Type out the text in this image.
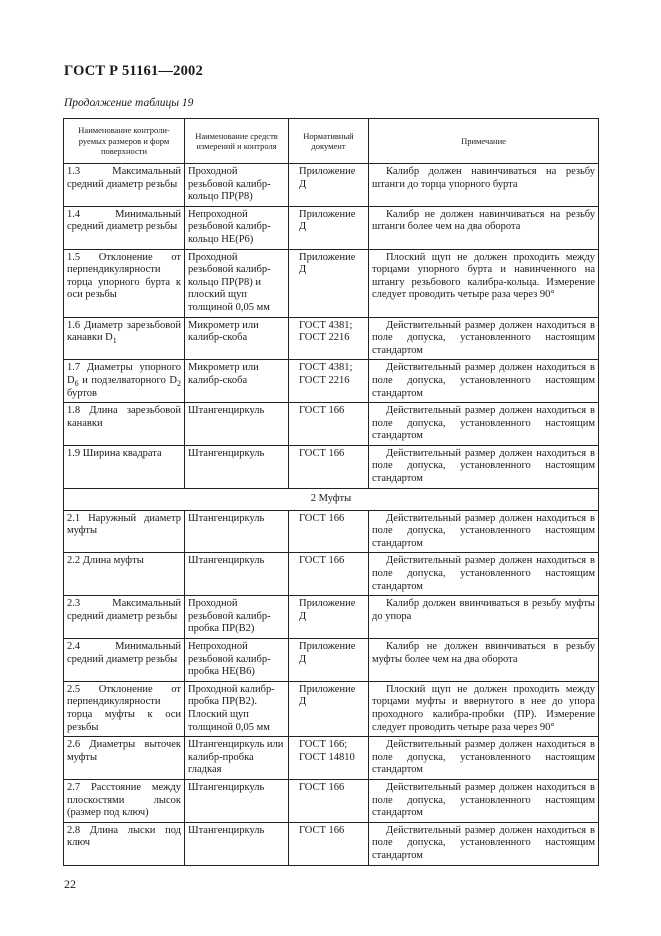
ГОСТ Р 51161—2002
Продолжение таблицы 19
Наименование контроли-руемых размеров и форм поверхности	Наименование средств измерений и контроля	Нормативный документ	Примечание
1.3 Максимальный средний диаметр резьбы	Проходной резьбовой калибр-кольцо ПР(Р8)	Приложение Д	Калибр должен навинчиваться на резьбу штанги до торца упорного бурта
1.4 Минимальный средний диаметр резьбы	Непроходной резьбовой калибр-кольцо НЕ(Р6)	Приложение Д	Калибр не должен навинчиваться на резьбу штанги более чем на два оборота
1.5 Отклонение от перпендикулярности торца упорного бурта к оси резьбы	Проходной резьбовой калибр-кольцо ПР(Р8) и плоский щуп толщиной 0,05 мм	Приложение Д	Плоский щуп не должен проходить между торцами упорного бурта и навинченного на штангу резьбового калибра-кольца. Измерение следует проводить четыре раза через 90°
1.6 Диаметр зарезьбовой канавки $D_1$	Микрометр или калибр-скоба	ГОСТ 4381; ГОСТ 2216	Действительный размер должен находиться в поле допуска, установленного настоящим стандартом
1.7 Диаметры упорного $D_6$ и подзелваторного $D_2$ буртов	Микрометр или калибр-скоба	ГОСТ 4381; ГОСТ 2216	Действительный размер должен находиться в поле допуска, установленного настоящим стандартом
1.8 Длина зарезьбовой канавки	Штангенциркуль	ГОСТ 166	Действительный размер должен находиться в поле допуска, установленного настоящим стандартом
1.9 Ширина квадрата	Штангенциркуль	ГОСТ 166	Действительный размер должен находиться в поле допуска, установленного настоящим стандартом
2 Муфты			
2.1 Наружный диаметр муфты	Штангенциркуль	ГОСТ 166	Действительный размер должен находиться в поле допуска, установленного настоящим стандартом
2.2 Длина муфты	Штангенциркуль	ГОСТ 166	Действительный размер должен находиться в поле допуска, установленного настоящим стандартом
2.3 Максимальный средний диаметр резьбы	Проходной резьбовой калибр-пробка ПР(В2)	Приложение Д	Калибр должен ввинчиваться в резьбу муфты до упора
2.4 Минимальный средний диаметр резьбы	Непроходной резьбовой калибр-пробка НЕ(В6)	Приложение Д	Калибр не должен ввинчиваться в резьбу муфты более чем на два оборота
2.5 Отклонение от перпендикулярности торца муфты к оси резьбы	Проходной калибр-пробка ПР(В2). Плоский щуп толщиной 0,05 мм	Приложение Д	Плоский щуп не должен проходить между торцами муфты и ввернутого в нее до упора проходного калибра-пробки (ПР). Измерение следует проводить четыре раза через 90°
2.6 Диаметры выточек муфты	Штангенциркуль или калибр-пробка гладкая	ГОСТ 166; ГОСТ 14810	Действительный размер должен находиться в поле допуска, установленного настоящим стандартом
2.7 Расстояние между плоскостями лысок (размер под ключ)	Штангенциркуль	ГОСТ 166	Действительный размер должен находиться в поле допуска, установленного настоящим стандартом
2.8 Длина лыски под ключ	Штангенциркуль	ГОСТ 166	Действительный размер должен находиться в поле допуска, установленного настоящим стандартом
22
